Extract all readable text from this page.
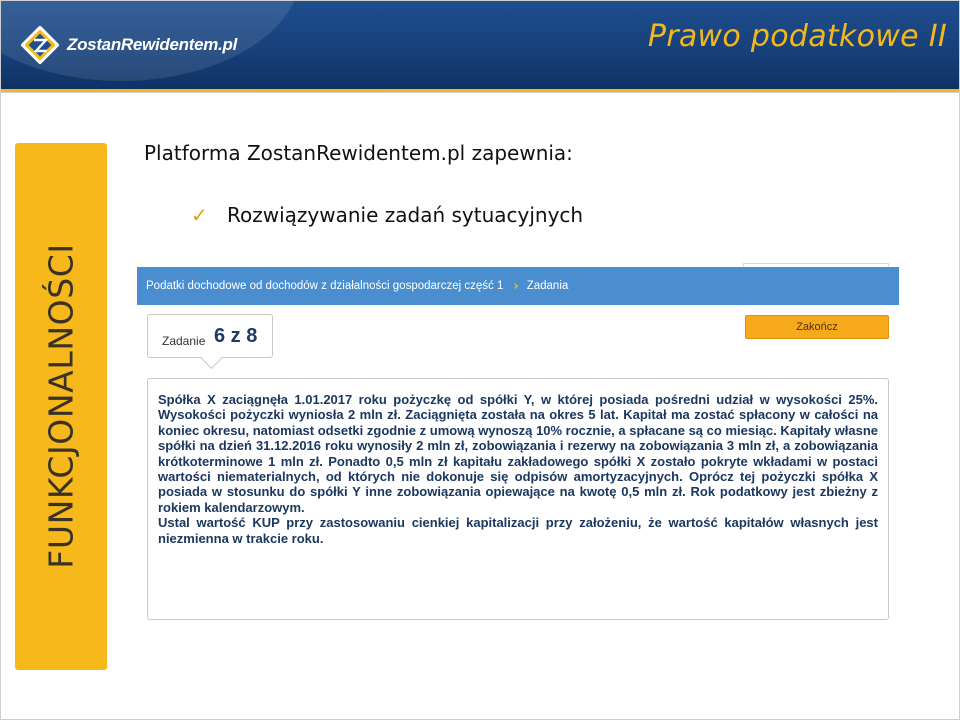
ZostanRewidentem.pl	Prawo podatkowe II
FUNKCJONALNOŚCI
Platforma ZostanRewidentem.pl zapewnia:
✓ Rozwiązywanie zadań sytuacyjnych
Podatki dochodowe od dochodów z działalności gospodarczej część 1 › Zadania
Zadanie 6 z 8	Zakończ

Spółka X zaciągnęła 1.01.2017 roku pożyczkę od spółki Y, w której posiada pośredni udział w wysokości 25%. Wysokości pożyczki wyniosła 2 mln zł. Zaciągnięta została na okres 5 lat. Kapitał ma zostać spłacony w całości na koniec okresu, natomiast odsetki zgodnie z umową wynoszą 10% rocznie, a spłacane są co miesiąc. Kapitały własne spółki na dzień 31.12.2016 roku wynosiły 2 mln zł, zobowiązania i rezerwy na zobowiązania 3 mln zł, a zobowiązania krótkoterminowe 1 mln zł. Ponadto 0,5 mln zł kapitału zakładowego spółki X zostało pokryte wkładami w postaci wartości niematerialnych, od których nie dokonuje się odpisów amortyzacyjnych. Oprócz tej pożyczki spółka X posiada w stosunku do spółki Y inne zobowiązania opiewające na kwotę 0,5 mln zł. Rok podatkowy jest zbieżny z rokiem kalendarzowym.

Ustal wartość KUP przy zastosowaniu cienkiej kapitalizacji przy założeniu, że wartość kapitałów własnych jest niezmienna w trakcie roku.
